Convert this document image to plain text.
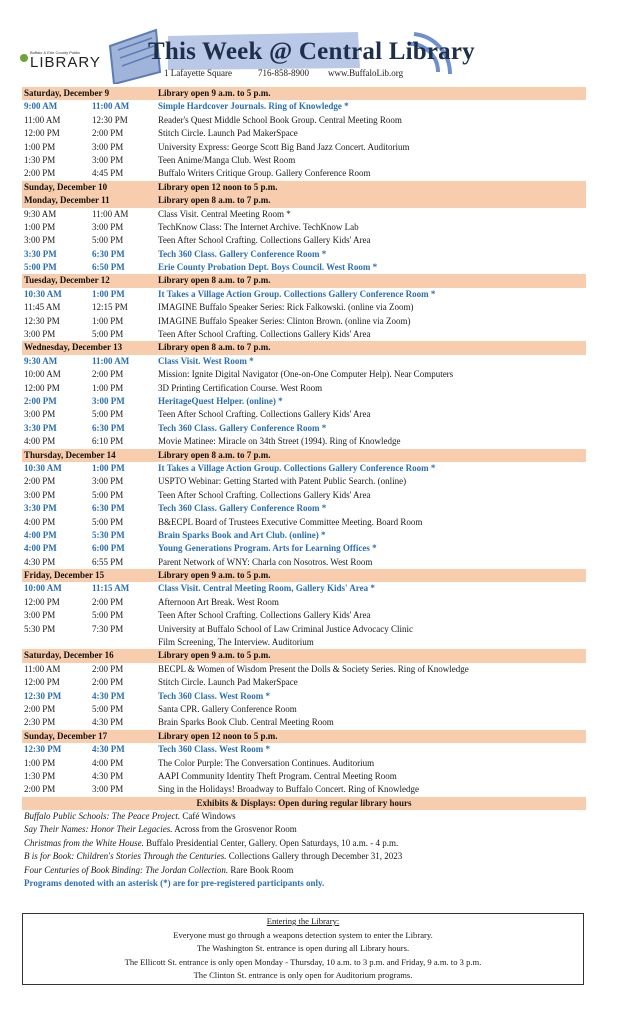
Buffalo & Erie County Public
LIBRARY	This Week @ Central Library
1 Lafayette Square	716-858-8900 www.BuffaloLib.org
Saturday, December 9	Library open 9 a.m. to 5 p.m.
9:00 AM	11:00 AM	Simple Hardcover Journals. Ring of Knowledge *
11:00 AM	12:30 PM	Reader's Quest Middle School Book Group. Central Meeting Room
12:00 PM	2:00 PM	Stitch Circle. Launch Pad MakerSpace
1:00 PM	3:00 PM	University Express: George Scott Big Band Jazz Concert. Auditorium
1:30 PM	3:00 PM	Teen Anime/Manga Club. West Room
2:00 PM	4:45 PM	Buffalo Writers Critique Group. Gallery Conference Room
Sunday, December 10	Library open 12 noon to 5 p.m.
Monday, December 11	Library open 8 a.m. to 7 p.m.
9:30 AM	11:00 AM	Class Visit. Central Meeting Room *
1:00 PM	3:00 PM	TechKnow Class: The Internet Archive. TechKnow Lab
3:00 PM	5:00 PM	Teen After School Crafting. Collections Gallery Kids' Area
3:30 PM	6:30 PM	Tech 360 Class. Gallery Conference Room *
5:00 PM	6:50 PM	Erie County Probation Dept. Boys Council. West Room *
Tuesday, December 12	Library open 8 a.m. to 7 p.m.
10:30 AM	1:00 PM	It Takes a Village Action Group. Collections Gallery Conference Room *
11:45 AM	12:15 PM	IMAGINE Buffalo Speaker Series: Rick Falkowski. (online via Zoom)
12:30 PM	1:00 PM	IMAGINE Buffalo Speaker Series: Clinton Brown. (online via Zoom)
3:00 PM	5:00 PM	Teen After School Crafting. Collections Gallery Kids' Area
Wednesday, December 13	Library open 8 a.m. to 7 p.m.
9:30 AM	11:00 AM	Class Visit. West Room *
10:00 AM	2:00 PM	Mission: Ignite Digital Navigator (One-on-One Computer Help). Near Computers
12:00 PM	1:00 PM	3D Printing Certification Course. West Room
2:00 PM	3:00 PM	HeritageQuest Helper. (online) *
3:00 PM	5:00 PM	Teen After School Crafting. Collections Gallery Kids' Area
3:30 PM	6:30 PM	Tech 360 Class. Gallery Conference Room *
4:00 PM	6:10 PM	Movie Matinee: Miracle on 34th Street (1994). Ring of Knowledge
Thursday, December 14	Library open 8 a.m. to 7 p.m.
10:30 AM	1:00 PM	It Takes a Village Action Group. Collections Gallery Conference Room *
2:00 PM	3:00 PM	USPTO Webinar: Getting Started with Patent Public Search. (online)
3:00 PM	5:00 PM	Teen After School Crafting. Collections Gallery Kids' Area
3:30 PM	6:30 PM	Tech 360 Class. Gallery Conference Room *
4:00 PM	5:00 PM	B&ECPL Board of Trustees Executive Committee Meeting. Board Room
4:00 PM	5:30 PM	Brain Sparks Book and Art Club. (online) *
4:00 PM	6:00 PM	Young Generations Program. Arts for Learning Offices *
4:30 PM	6:55 PM	Parent Network of WNY: Charla con Nosotros. West Room
Friday, December 15	Library open 9 a.m. to 5 p.m.
10:00 AM	11:15 AM	Class Visit. Central Meeting Room, Gallery Kids' Area *
12:00 PM	2:00 PM	Afternoon Art Break. West Room
3:00 PM	5:00 PM	Teen After School Crafting. Collections Gallery Kids' Area
5:30 PM	7:30 PM	University at Buffalo School of Law Criminal Justice Advocacy Clinic
Film Screening, The Interview. Auditorium
Saturday, December 16	Library open 9 a.m. to 5 p.m.
11:00 AM	2:00 PM	BECPL & Women of Wisdom Present the Dolls & Society Series. Ring of Knowledge
12:00 PM	2:00 PM	Stitch Circle. Launch Pad MakerSpace
12:30 PM	4:30 PM	Tech 360 Class. West Room *
2:00 PM	5:00 PM	Santa CPR. Gallery Conference Room
2:30 PM	4:30 PM	Brain Sparks Book Club. Central Meeting Room
Sunday, December 17	Library open 12 noon to 5 p.m.
12:30 PM	4:30 PM	Tech 360 Class. West Room *
1:00 PM	4:00 PM	The Color Purple: The Conversation Continues. Auditorium
1:30 PM	4:30 PM	AAPI Community Identity Theft Program. Central Meeting Room
2:00 PM	3:00 PM	Sing in the Holidays! Broadway to Buffalo Concert. Ring of Knowledge
Exhibits & Displays: Open during regular library hours
Buffalo Public Schools: The Peace Project. Café Windows
Say Their Names: Honor Their Legacies. Across from the Grosvenor Room
Christmas from the White House. Buffalo Presidential Center, Gallery. Open Saturdays, 10 a.m. - 4 p.m.
B is for Book: Children's Stories Through the Centuries. Collections Gallery through December 31, 2023
Four Centuries of Book Binding: The Jordan Collection. Rare Book Room
Programs denoted with an asterisk (*) are for pre-registered participants only.
Entering the Library:
Everyone must go through a weapons detection system to enter the Library.
The Washington St. entrance is open during all Library hours.
The Ellicott St. entrance is only open Monday - Thursday, 10 a.m. to 3 p.m. and Friday, 9 a.m. to 3 p.m.
The Clinton St. entrance is only open for Auditorium programs.
